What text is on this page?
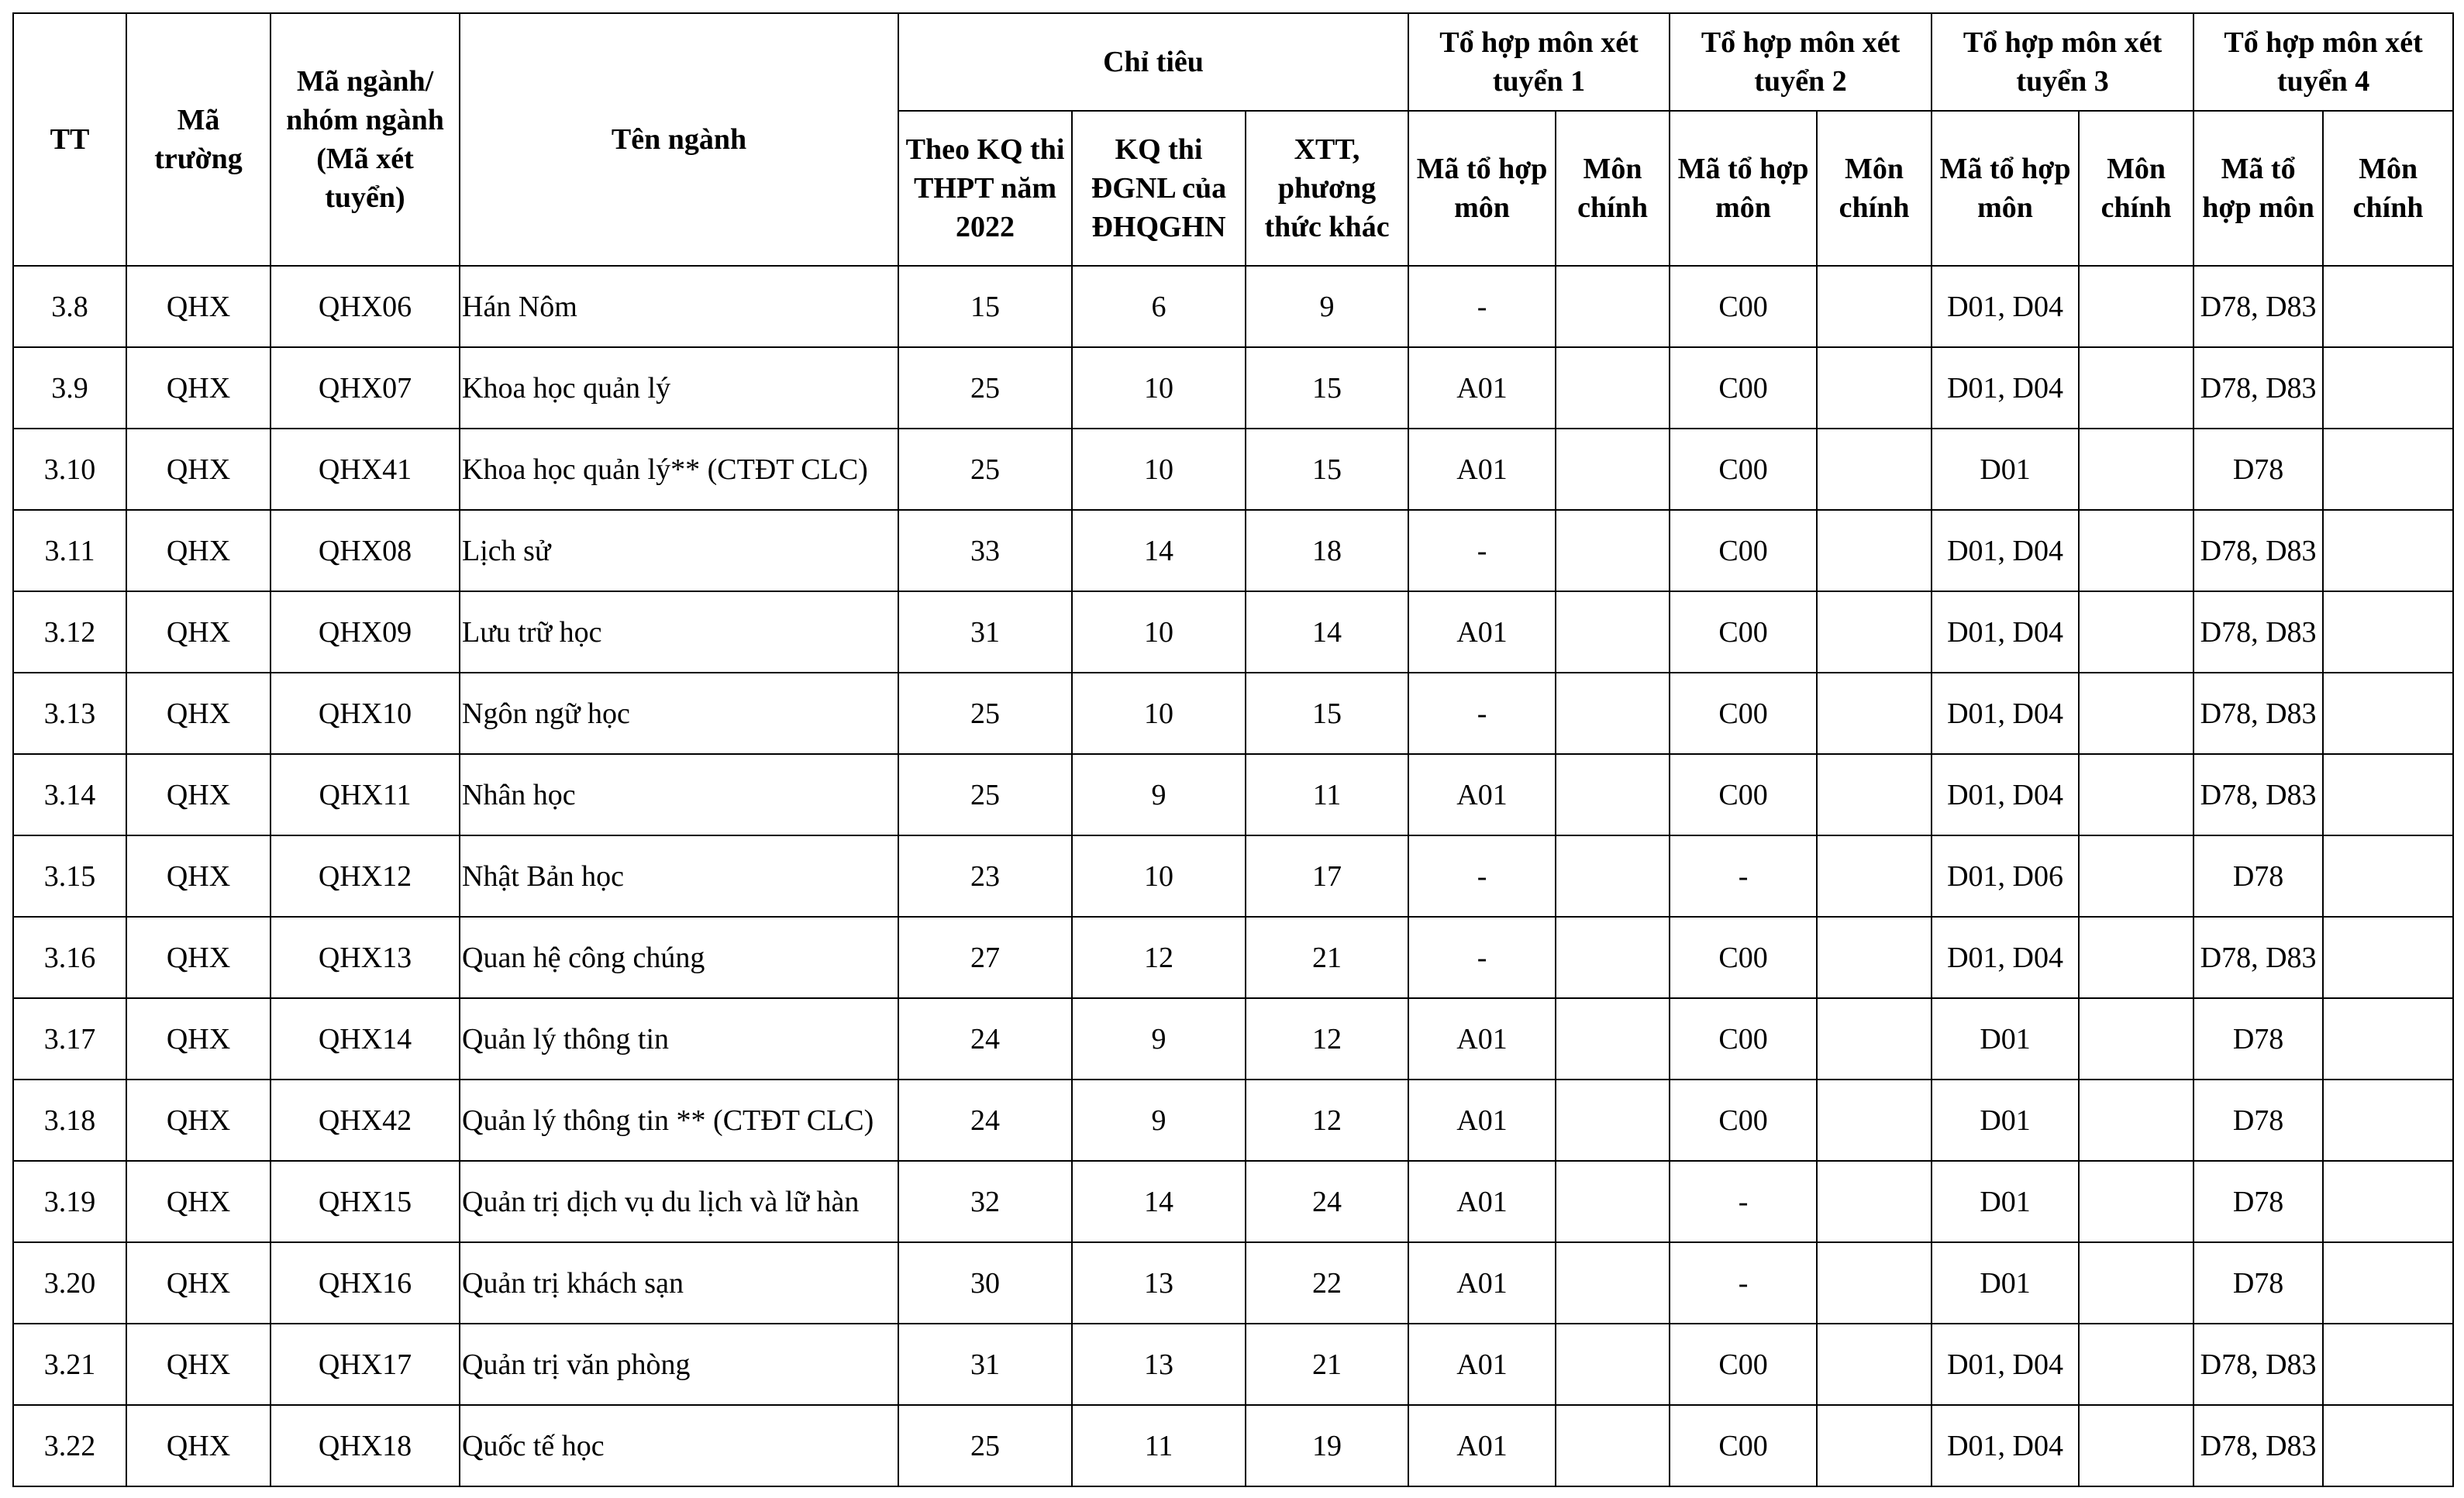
TT	Mã trường	Mã ngành/ nhóm ngành (Mã xét tuyển)	Tên ngành	Chỉ tiêu			Tổ hợp môn xét tuyển 1		Tổ hợp môn xét tuyển 2		Tổ hợp môn xét tuyển 3		Tổ hợp môn xét tuyển 4	
				Theo KQ thi THPT năm 2022	KQ thi ĐGNL của ĐHQGHN	XTT, phương thức khác	Mã tổ hợp môn	Môn chính	Mã tổ hợp môn	Môn chính	Mã tổ hợp môn	Môn chính	Mã tổ hợp môn	Môn chính
3.8	QHX	QHX06	Hán Nôm	15	6	9	-		C00		D01, D04		D78, D83	
3.9	QHX	QHX07	Khoa học quản lý	25	10	15	A01		C00		D01, D04		D78, D83	
3.10	QHX	QHX41	Khoa học quản lý** (CTĐT CLC)	25	10	15	A01		C00		D01		D78	
3.11	QHX	QHX08	Lịch sử	33	14	18	-		C00		D01, D04		D78, D83	
3.12	QHX	QHX09	Lưu trữ học	31	10	14	A01		C00		D01, D04		D78, D83	
3.13	QHX	QHX10	Ngôn ngữ học	25	10	15	-		C00		D01, D04		D78, D83	
3.14	QHX	QHX11	Nhân học	25	9	11	A01		C00		D01, D04		D78, D83	
3.15	QHX	QHX12	Nhật Bản học	23	10	17	-		-		D01, D06		D78	
3.16	QHX	QHX13	Quan hệ công chúng	27	12	21	-		C00		D01, D04		D78, D83	
3.17	QHX	QHX14	Quản lý thông tin	24	9	12	A01		C00		D01		D78	
3.18	QHX	QHX42	Quản lý thông tin ** (CTĐT CLC)	24	9	12	A01		C00		D01		D78	
3.19	QHX	QHX15	Quản trị dịch vụ du lịch và lữ hàn	32	14	24	A01		-		D01		D78	
3.20	QHX	QHX16	Quản trị khách sạn	30	13	22	A01		-		D01		D78	
3.21	QHX	QHX17	Quản trị văn phòng	31	13	21	A01		C00		D01, D04		D78, D83	
3.22	QHX	QHX18	Quốc tế học	25	11	19	A01		C00		D01, D04		D78, D83	
